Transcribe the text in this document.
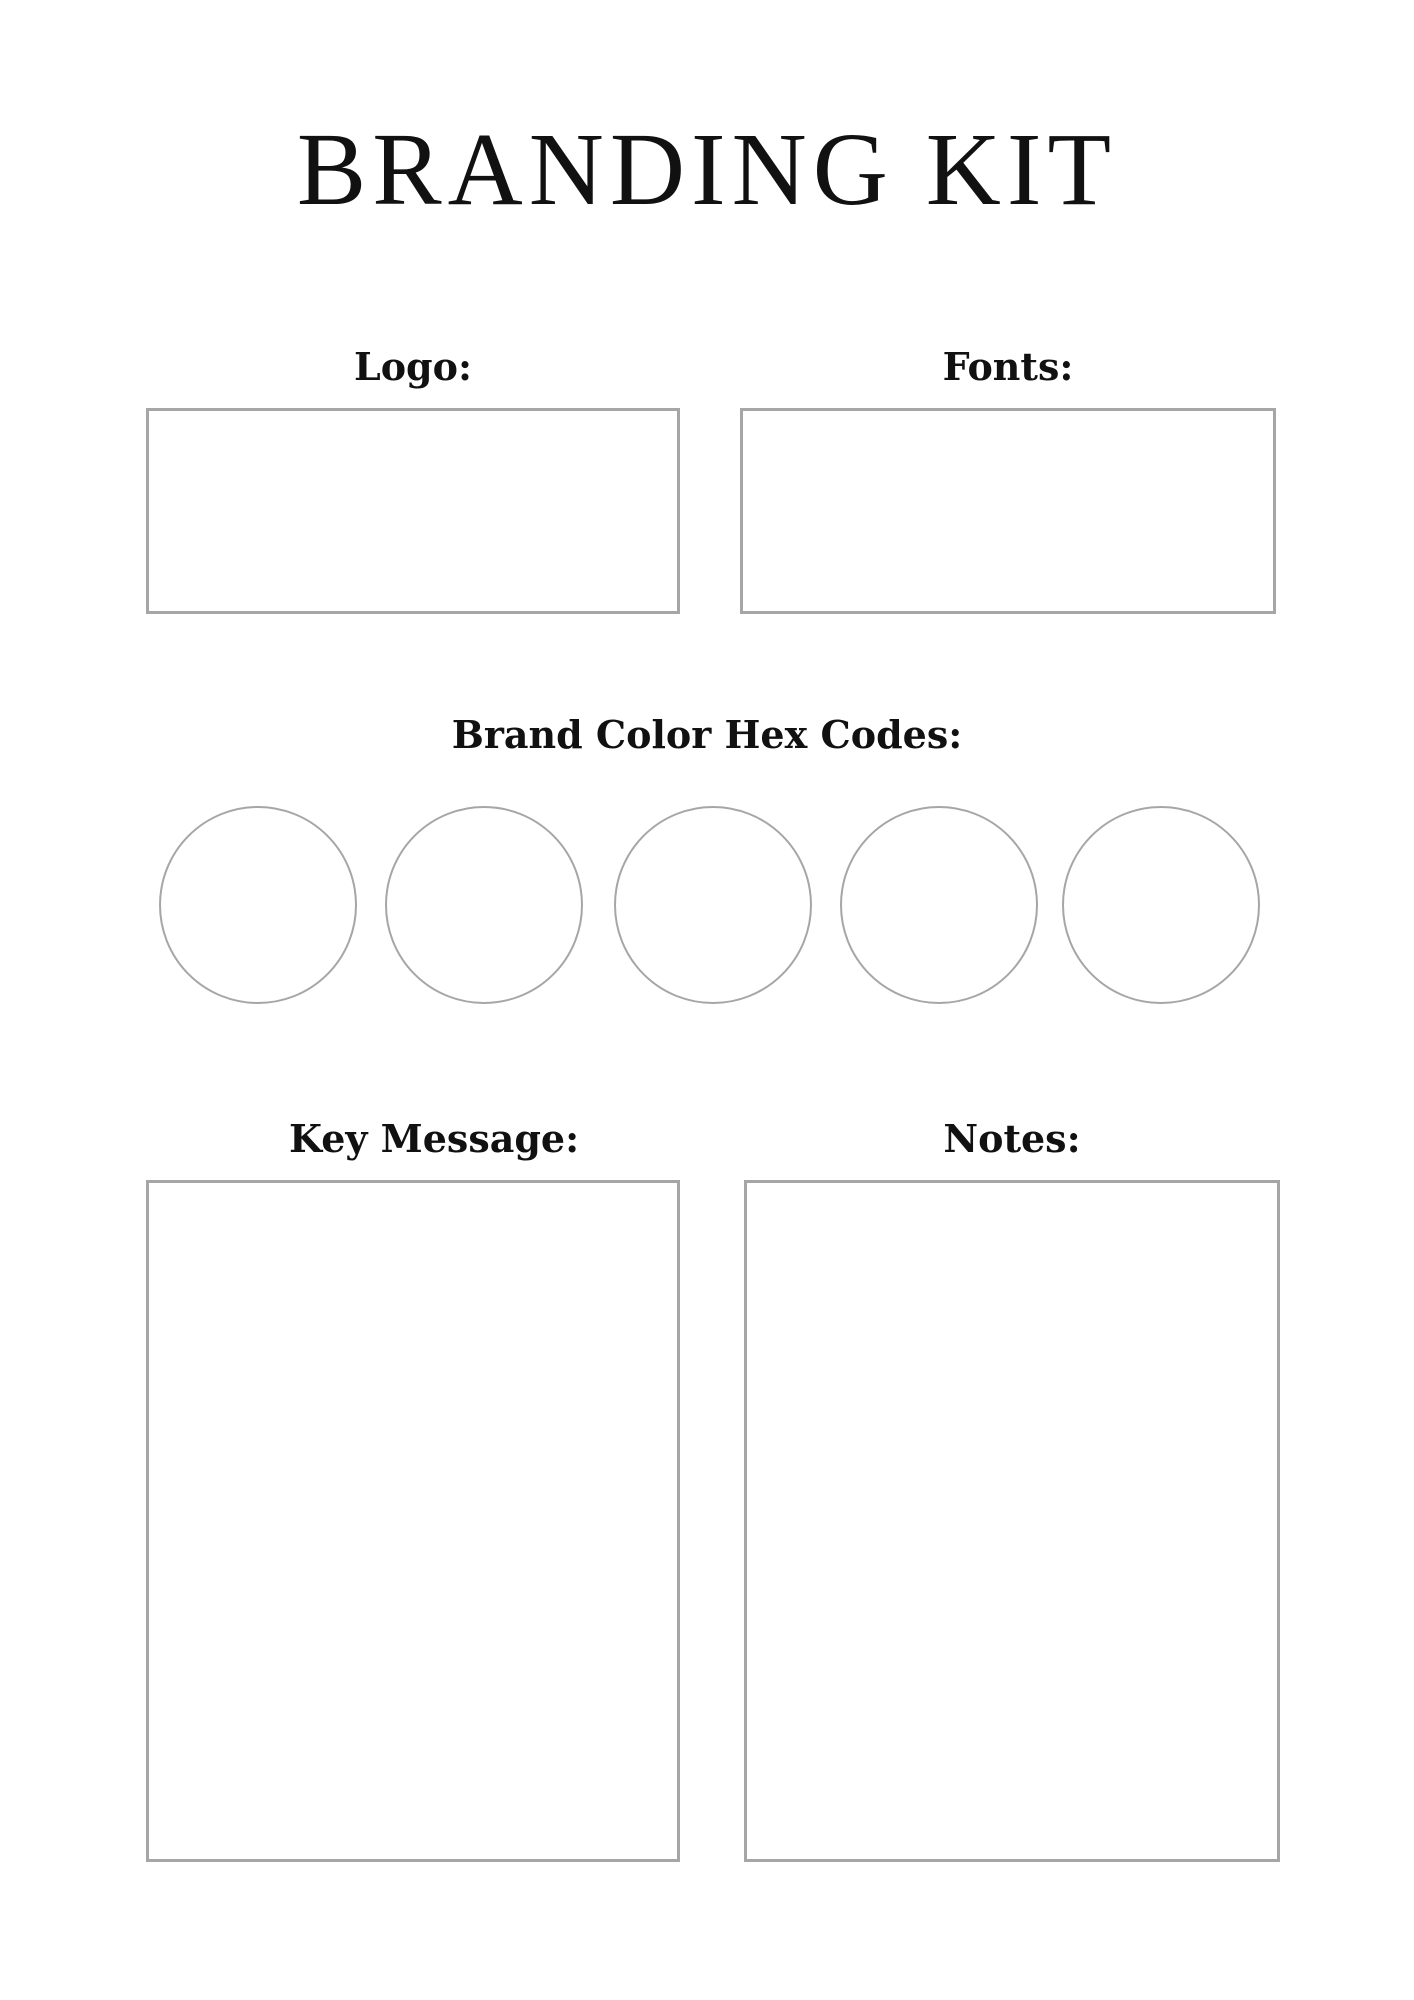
BRANDING KIT
Logo:	Fonts:
Brand Color Hex Codes:
Key Message:	Notes:
